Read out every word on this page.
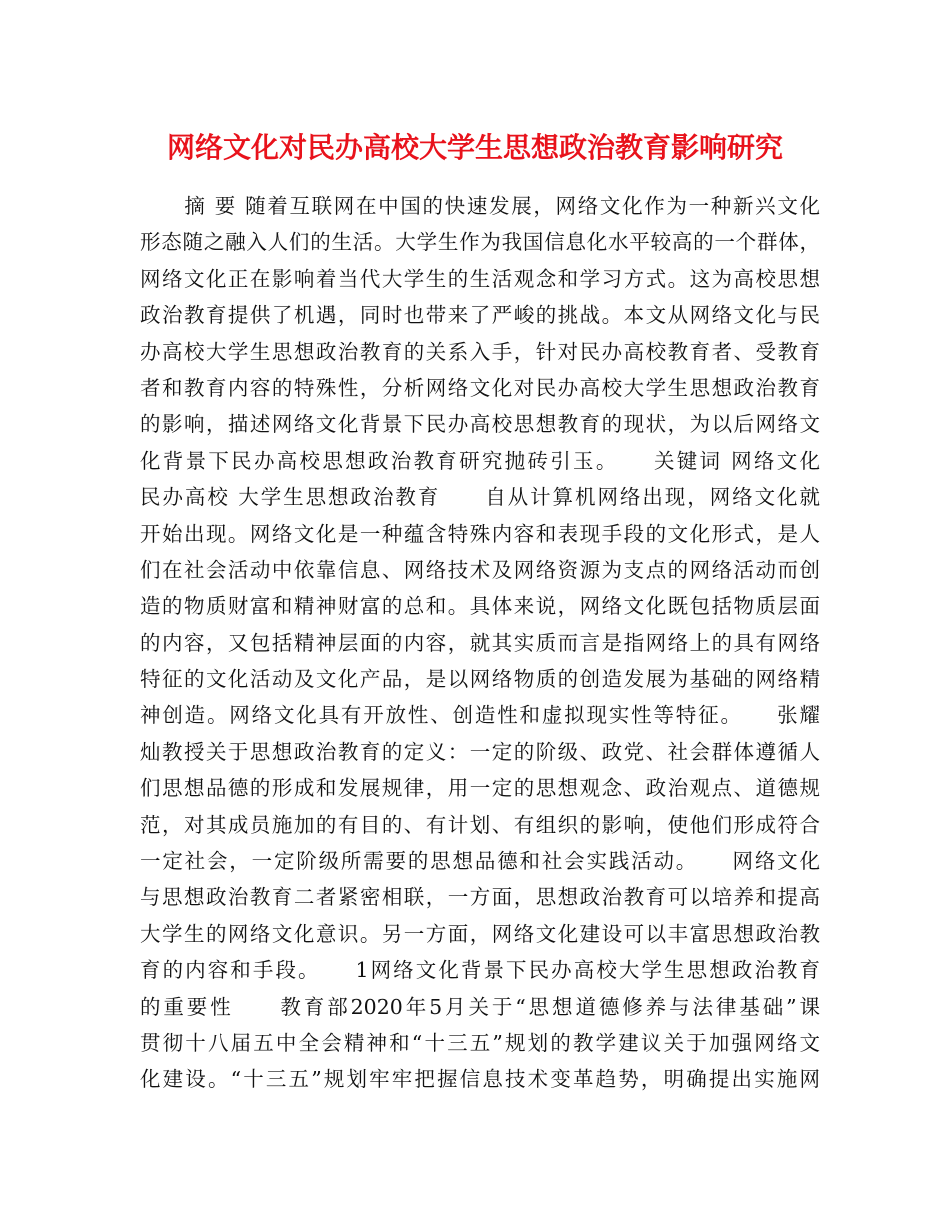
网络文化对民办高校大学生思想政治教育影响研究
　　摘 要 随着互联网在中国的快速发展，网络文化作为一种新兴文化
形态随之融入人们的生活。大学生作为我国信息化水平较高的一个群体，
网络文化正在影响着当代大学生的生活观念和学习方式。这为高校思想
政治教育提供了机遇，同时也带来了严峻的挑战。本文从网络文化与民
办高校大学生思想政治教育的关系入手，针对民办高校教育者、受教育
者和教育内容的特殊性，分析网络文化对民办高校大学生思想政治教育
的影响，描述网络文化背景下民办高校思想教育的现状，为以后网络文
化背景下民办高校思想政治教育研究抛砖引玉。　　关键词 网络文化
民办高校 大学生思想政治教育　　自从计算机网络出现，网络文化就
开始出现。网络文化是一种蕴含特殊内容和表现手段的文化形式，是人
们在社会活动中依靠信息、网络技术及网络资源为支点的网络活动而创
造的物质财富和精神财富的总和。具体来说，网络文化既包括物质层面
的内容，又包括精神层面的内容，就其实质而言是指网络上的具有网络
特征的文化活动及文化产品，是以网络物质的创造发展为基础的网络精
神创造。网络文化具有开放性、创造性和虚拟现实性等特征。　　张耀
灿教授关于思想政治教育的定义：一定的阶级、政党、社会群体遵循人
们思想品德的形成和发展规律，用一定的思想观念、政治观点、道德规
范，对其成员施加的有目的、有计划、有组织的影响，使他们形成符合
一定社会，一定阶级所需要的思想品德和社会实践活动。　　网络文化
与思想政治教育二者紧密相联，一方面，思想政治教育可以培养和提高
大学生的网络文化意识。另一方面，网络文化建设可以丰富思想政治教
育的内容和手段。　　1网络文化背景下民办高校大学生思想政治教育
的重要性　　教育部2020年5月关于“思想道德修养与法律基础”课
贯彻十八届五中全会精神和“十三五”规划的教学建议关于加强网络文
化建设。“十三五”规划牢牢把握信息技术变革趋势，明确提出实施网
